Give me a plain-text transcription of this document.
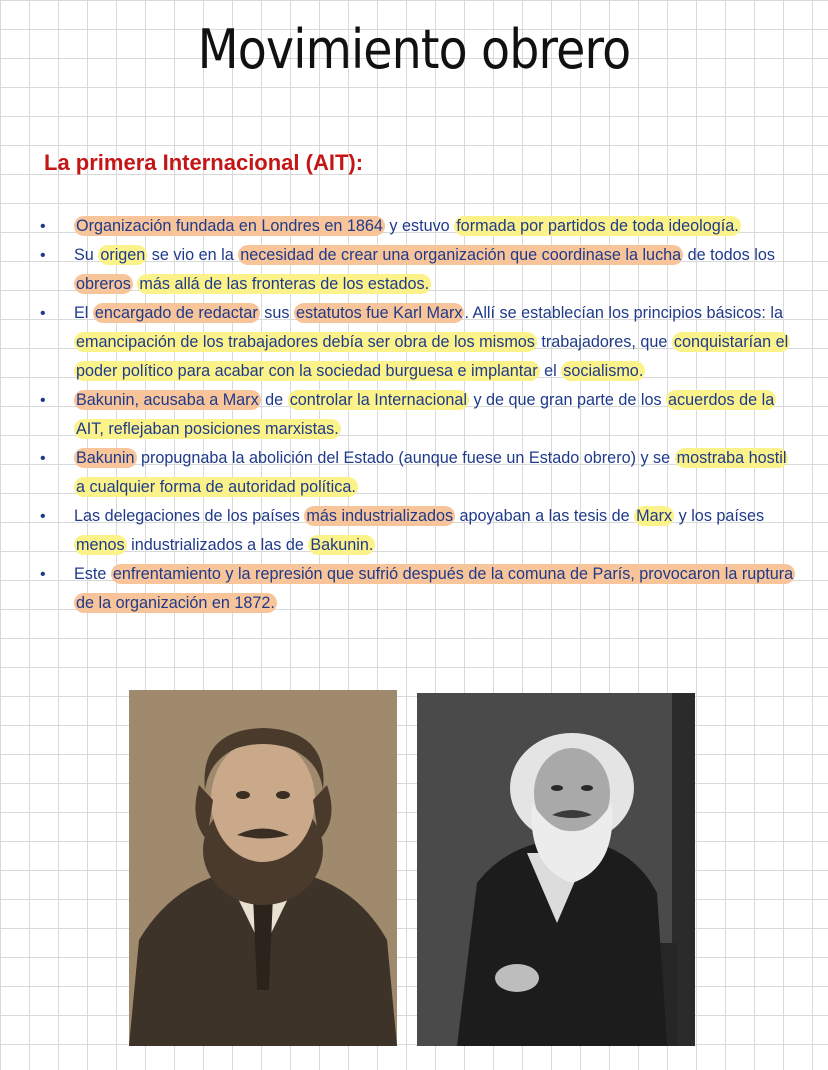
Movimiento obrero
La primera Internacional (AIT):
• Organización fundada en Londres en 1864 y estuvo formada por partidos de toda ideología.
• Su origen se vio en la necesidad de crear una organización que coordinase la lucha de todos los obreros más allá de las fronteras de los estados.
• El encargado de redactar sus estatutos fue Karl Marx . Allí se establecían los principios básicos: la emancipación de los trabajadores debía ser obra de los mismos trabajadores, que conquistarían el poder político para acabar con la sociedad burguesa e implantar el socialismo.
• Bakunin, acusaba a Marx de controlar la Internacional y de que gran parte de los acuerdos de la AIT, reflejaban posiciones marxistas.
• Bakunin propugnaba la abolición del Estado (aunque fuese un Estado obrero) y se mostraba hostil a cualquier forma de autoridad política.
• Las delegaciones de los países más industrializados apoyaban a las tesis de Marx y los países menos industrializados a las de Bakunin.
• Este enfrentamiento y la represión que sufrió después de la comuna de París, provocaron la ruptura de la organización en 1872.
